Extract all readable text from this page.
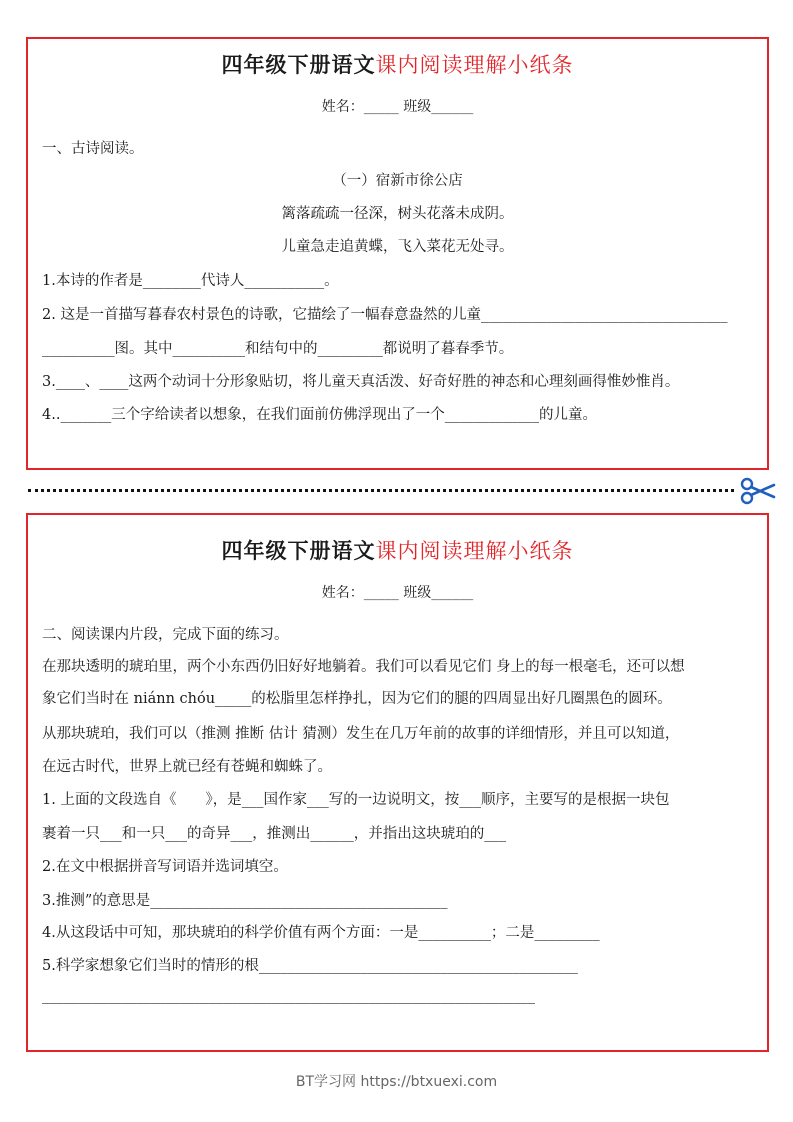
四年级下册语文课内阅读理解小纸条
姓名：_____ 班级______
一、古诗阅读。
（一）宿新市徐公店
篱落疏疏一径深，树头花落未成阴。
儿童急走追黄蝶，飞入菜花无处寻。
1.本诗的作者是________代诗人___________。
2. 这是一首描写暮春农村景色的诗歌，它描绘了一幅春意盎然的儿童__________________________________
__________图。其中__________和结句中的_________都说明了暮春季节。
3.____、____这两个动词十分形象贴切，将儿童天真活泼、好奇好胜的神态和心理刻画得惟妙惟肖。
4.._______三个字给读者以想象，在我们面前仿佛浮现出了一个_____________的儿童。
四年级下册语文课内阅读理解小纸条
姓名：_____ 班级______
二、阅读课内片段，完成下面的练习。
在那块透明的琥珀里，两个小东西仍旧好好地躺着。我们可以看见它们 身上的每一根毫毛，还可以想
象它们当时在 niánn chóu_____的松脂里怎样挣扎，因为它们的腿的四周显出好几圈黑色的圆环。
从那块琥珀，我们可以（推测 推断 估计 猜测）发生在几万年前的故事的详细情形，并且可以知道，
在远古时代，世界上就已经有苍蝇和蜘蛛了。
1. 上面的文段选自《　　》，是___国作家___写的一边说明文，按___顺序，主要写的是根据一块包
裹着一只___和一只___的奇异___，推测出______，并指出这块琥珀的___
2.在文中根据拼音写词语并选词填空。
3.推测”的意思是_________________________________________
4.从这段话中可知，那块琥珀的科学价值有两个方面：一是__________；二是_________
5.科学家想象它们当时的情形的根____________________________________________
____________________________________________________________________
BT学习网 https://btxuexi.com
